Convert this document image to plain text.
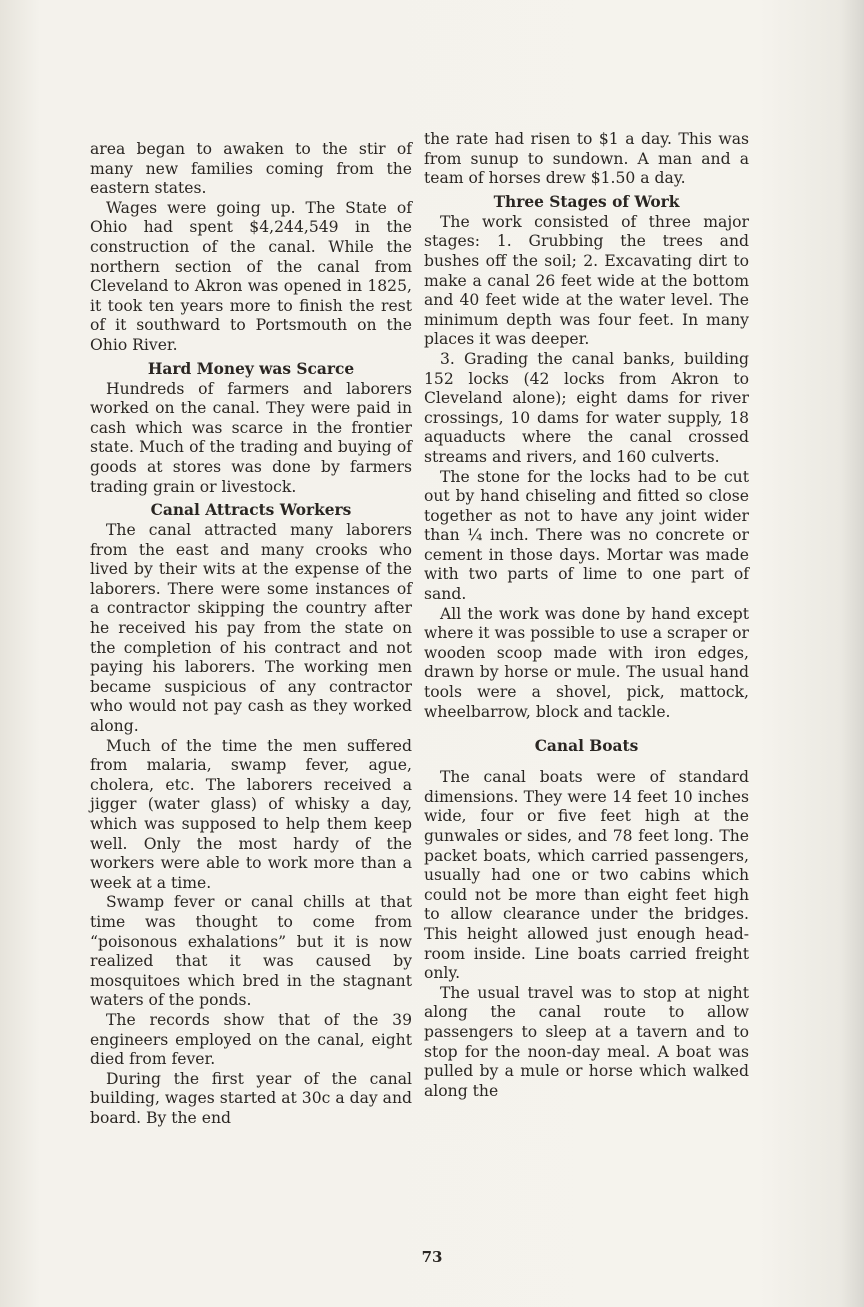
area began to awaken to the stir of many new families coming from the eastern states.

Wages were going up. The State of Ohio had spent $4,244,549 in the construction of the canal. While the northern section of the canal from Cleveland to Akron was opened in 1825, it took ten years more to finish the rest of it southward to Portsmouth on the Ohio River.

Hard Money was Scarce

Hundreds of farmers and laborers worked on the canal. They were paid in cash which was scarce in the frontier state. Much of the trading and buying of goods at stores was done by farmers trading grain or livestock.

Canal Attracts Workers

The canal attracted many laborers from the east and many crooks who lived by their wits at the expense of the laborers. There were some instances of a contractor skipping the country after he received his pay from the state on the completion of his contract and not paying his laborers. The working men became suspicious of any contractor who would not pay cash as they worked along.

Much of the time the men suffered from malaria, swamp fever, ague, cholera, etc. The laborers received a jigger (water glass) of whisky a day, which was supposed to help them keep well. Only the most hardy of the workers were able to work more than a week at a time.

Swamp fever or canal chills at that time was thought to come from “poisonous exhalations” but it is now realized that it was caused by mosquitoes which bred in the stagnant waters of the ponds.

The records show that of the 39 engineers employed on the canal, eight died from fever.

During the first year of the canal building, wages started at 30c a day and board. By the end

the rate had risen to $1 a day. This was from sunup to sundown. A man and a team of horses drew $1.50 a day.

Three Stages of Work

The work consisted of three major stages: 1. Grubbing the trees and bushes off the soil; 2. Excavating dirt to make a canal 26 feet wide at the bottom and 40 feet wide at the water level. The minimum depth was four feet. In many places it was deeper.

3. Grading the canal banks, building 152 locks (42 locks from Akron to Cleveland alone); eight dams for river crossings, 10 dams for water supply, 18 aquaducts where the canal crossed streams and rivers, and 160 culverts.

The stone for the locks had to be cut out by hand chiseling and fitted so close together as not to have any joint wider than ¼ inch. There was no concrete or cement in those days. Mortar was made with two parts of lime to one part of sand.

All the work was done by hand except where it was possible to use a scraper or wooden scoop made with iron edges, drawn by horse or mule. The usual hand tools were a shovel, pick, mattock, wheelbarrow, block and tackle.

Canal Boats

The canal boats were of standard dimensions. They were 14 feet 10 inches wide, four or five feet high at the gunwales or sides, and 78 feet long. The packet boats, which carried passengers, usually had one or two cabins which could not be more than eight feet high to allow clearance under the bridges. This height allowed just enough head-room inside. Line boats carried freight only.

The usual travel was to stop at night along the canal route to allow passengers to sleep at a tavern and to stop for the noon-day meal. A boat was pulled by a mule or horse which walked along the

73
